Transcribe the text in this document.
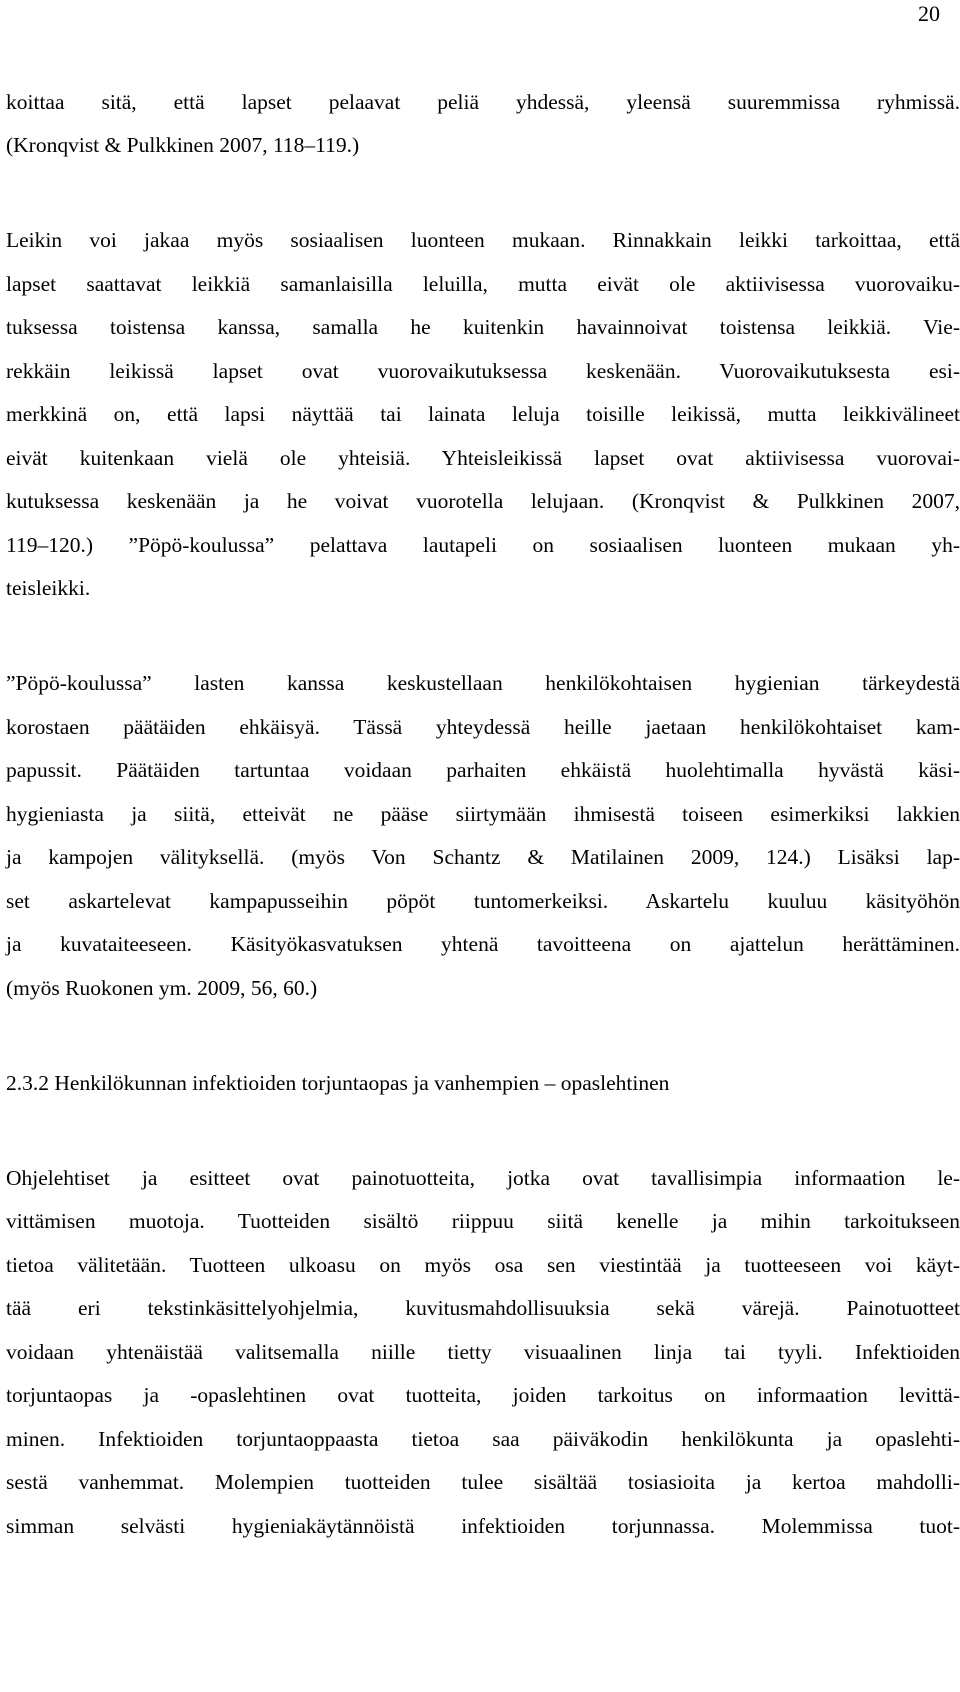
20
koittaa sitä, että lapset pelaavat peliä yhdessä, yleensä suuremmissa ryhmissä.
(Kronqvist & Pulkkinen 2007, 118–119.)
Leikin voi jakaa myös sosiaalisen luonteen mukaan. Rinnakkain leikki tarkoittaa, että
lapset saattavat leikkiä samanlaisilla leluilla, mutta eivät ole aktiivisessa vuorovaiku-
tuksessa toistensa kanssa, samalla he kuitenkin havainnoivat toistensa leikkiä. Vie-
rekkäin leikissä lapset ovat vuorovaikutuksessa keskenään. Vuorovaikutuksesta esi-
merkkinä on, että lapsi näyttää tai lainata leluja toisille leikissä, mutta leikkivälineet
eivät kuitenkaan vielä ole yhteisiä. Yhteisleikissä lapset ovat aktiivisessa vuorovai-
kutuksessa keskenään ja he voivat vuorotella lelujaan. (Kronqvist & Pulkkinen 2007,
119–120.) ”Pöpö-koulussa” pelattava lautapeli on sosiaalisen luonteen mukaan yh-
teisleikki.
”Pöpö-koulussa” lasten kanssa keskustellaan henkilökohtaisen hygienian tärkeydestä
korostaen päätäiden ehkäisyä. Tässä yhteydessä heille jaetaan henkilökohtaiset kam-
papussit. Päätäiden tartuntaa voidaan parhaiten ehkäistä huolehtimalla hyvästä käsi-
hygieniasta ja siitä, etteivät ne pääse siirtymään ihmisestä toiseen esimerkiksi lakkien
ja kampojen välityksellä. (myös Von Schantz & Matilainen 2009, 124.) Lisäksi lap-
set askartelevat kampapusseihin pöpöt tuntomerkeiksi. Askartelu kuuluu käsityöhön
ja kuvataiteeseen. Käsityökasvatuksen yhtenä tavoitteena on ajattelun herättäminen.
(myös Ruokonen ym. 2009, 56, 60.)
2.3.2 Henkilökunnan infektioiden torjuntaopas ja vanhempien – opaslehtinen
Ohjelehtiset ja esitteet ovat painotuotteita, jotka ovat tavallisimpia informaation le-
vittämisen muotoja. Tuotteiden sisältö riippuu siitä kenelle ja mihin tarkoitukseen
tietoa välitetään. Tuotteen ulkoasu on myös osa sen viestintää ja tuotteeseen voi käyt-
tää eri tekstinkäsittelyohjelmia, kuvitusmahdollisuuksia sekä värejä. Painotuotteet
voidaan yhtenäistää valitsemalla niille tietty visuaalinen linja tai tyyli. Infektioiden
torjuntaopas ja -opaslehtinen ovat tuotteita, joiden tarkoitus on informaation levittä-
minen. Infektioiden torjuntaoppaasta tietoa saa päiväkodin henkilökunta ja opaslehti-
sestä vanhemmat. Molempien tuotteiden tulee sisältää tosiasioita ja kertoa mahdolli-
simman selvästi hygieniakäytännöistä infektioiden torjunnassa. Molemmissa tuot-
